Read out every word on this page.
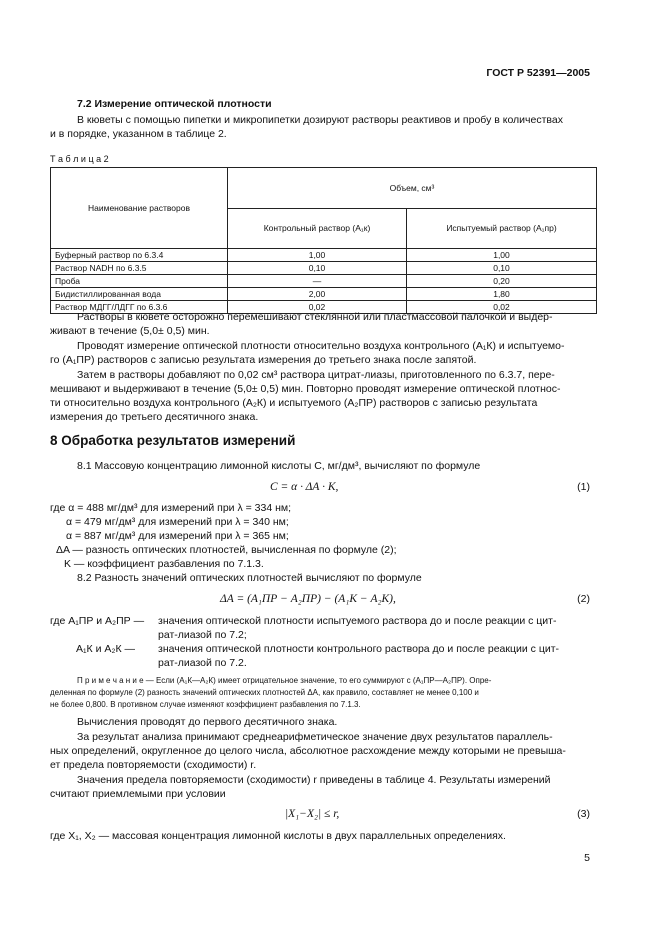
ГОСТ Р 52391—2005
7.2 Измерение оптической плотности
В кюветы с помощью пипетки и микропипетки дозируют растворы реактивов и пробу в количествах
и в порядке, указанном в таблице 2.
Т а б л и ц а 2
Наименование растворов	Объем, см³	
	Контрольный раствор (A₁к)	Испытуемый раствор (A₁пр)
Буферный раствор по 6.3.4	1,00	1,00
Раствор NADH по 6.3.5	0,10	0,10
Проба	—	0,20
Бидистиллированная вода	2,00	1,80
Раствор МДГГ/ЛДГГ по 6.3.6	0,02	0,02
Растворы в кювете осторожно перемешивают стеклянной или пластмассовой палочкой и выдер-
живают в течение (5,0± 0,5) мин.
Проводят измерение оптической плотности относительно воздуха контрольного (A₁К) и испытуемо-
го (A₁ПР) растворов с записью результата измерения до третьего знака после запятой.
Затем в растворы добавляют по 0,02 см³ раствора цитрат-лиазы, приготовленного по 6.3.7, пере-
мешивают и выдерживают в течение (5,0± 0,5) мин. Повторно проводят измерение оптической плотнос-
ти относительно воздуха контрольного (A₂К) и испытуемого (A₂ПР) растворов с записью результата
измерения до третьего десятичного знака.
8 Обработка результатов измерений
8.1 Массовую концентрацию лимонной кислоты C, мг/дм³, вычисляют по формуле
C = α · ΔA · K,	(1)
где α = 488 мг/дм³ для измерений при λ = 334 нм;
α = 479 мг/дм³ для измерений при λ = 340 нм;
α = 887 мг/дм³ для измерений при λ = 365 нм;
ΔA — разность оптических плотностей, вычисленная по формуле (2);
K — коэффициент разбавления по 7.1.3.
8.2 Разность значений оптических плотностей вычисляют по формуле
ΔA = (A₁ПР − A₂ПР) − (A₁К − A₂К),	(2)
где A₁ПР и A₂ПР — значения оптической плотности испытуемого раствора до и после реакции с цит-
рат-лиазой по 7.2;
A₁К и A₂К — значения оптической плотности контрольного раствора до и после реакции с цит-
рат-лиазой по 7.2.
П р и м е ч а н и е — Если (A₁К—A₂К) имеет отрицательное значение, то его суммируют с (A₁ПР—A₂ПР). Опре-
деленная по формуле (2) разность значений оптических плотностей ΔA, как правило, составляет не менее 0,100 и
не более 0,800. В противном случае изменяют коэффициент разбавления по 7.1.3.
Вычисления проводят до первого десятичного знака.
За результат анализа принимают среднеарифметическое значение двух результатов параллель-
ных определений, округленное до целого числа, абсолютное расхождение между которыми не превыша-
ет предела повторяемости (сходимости) r.
Значения предела повторяемости (сходимости) r приведены в таблице 4. Результаты измерений
считают приемлемыми при условии
|X₁−X₂| ≤ r,	(3)
где X₁, X₂ — массовая концентрация лимонной кислоты в двух параллельных определениях.
5
